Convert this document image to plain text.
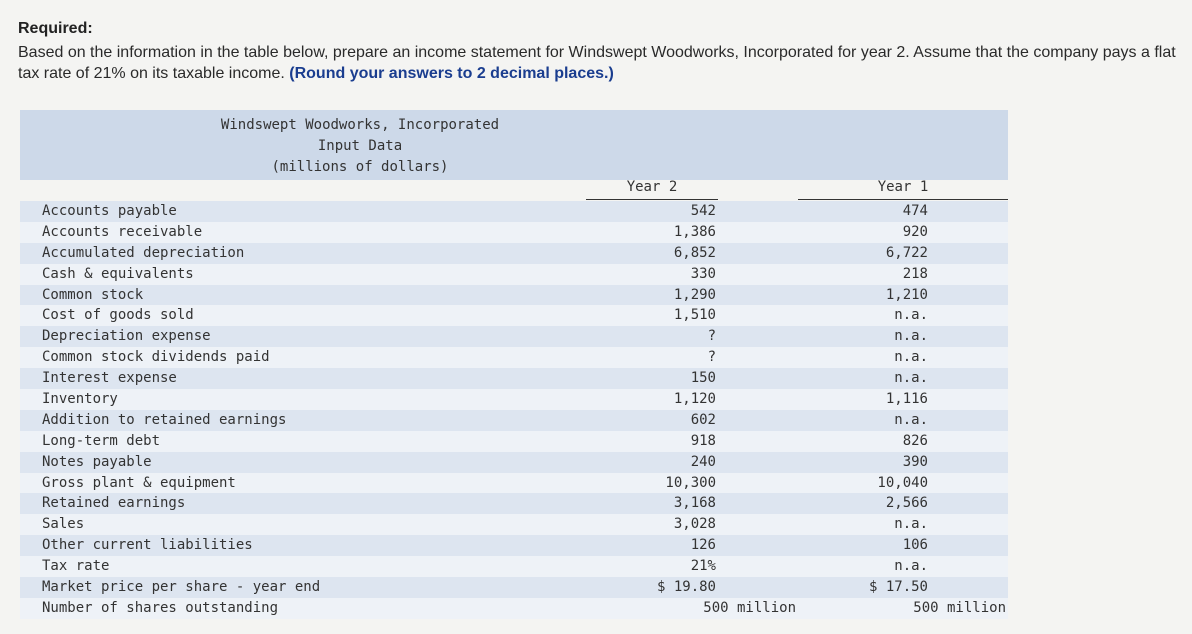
Required:
Based on the information in the table below, prepare an income statement for Windswept Woodworks, Incorporated for year 2. Assume that the company pays a flat tax rate of 21% on its taxable income. (Round your answers to 2 decimal places.)
Windswept Woodworks, Incorporated
Input Data
(millions of dollars)
Year 2	Year 1
Accounts payable	542	474
Accounts receivable	1,386	920
Accumulated depreciation	6,852	6,722
Cash & equivalents	330	218
Common stock	1,290	1,210
Cost of goods sold	1,510	n.a.
Depreciation expense	?	n.a.
Common stock dividends paid	?	n.a.
Interest expense	150	n.a.
Inventory	1,120	1,116
Addition to retained earnings	602	n.a.
Long-term debt	918	826
Notes payable	240	390
Gross plant & equipment	10,300	10,040
Retained earnings	3,168	2,566
Sales	3,028	n.a.
Other current liabilities	126	106
Tax rate	21%	n.a.
Market price per share - year end	$ 19.80	$ 17.50
Number of shares outstanding	500 million	500 million
